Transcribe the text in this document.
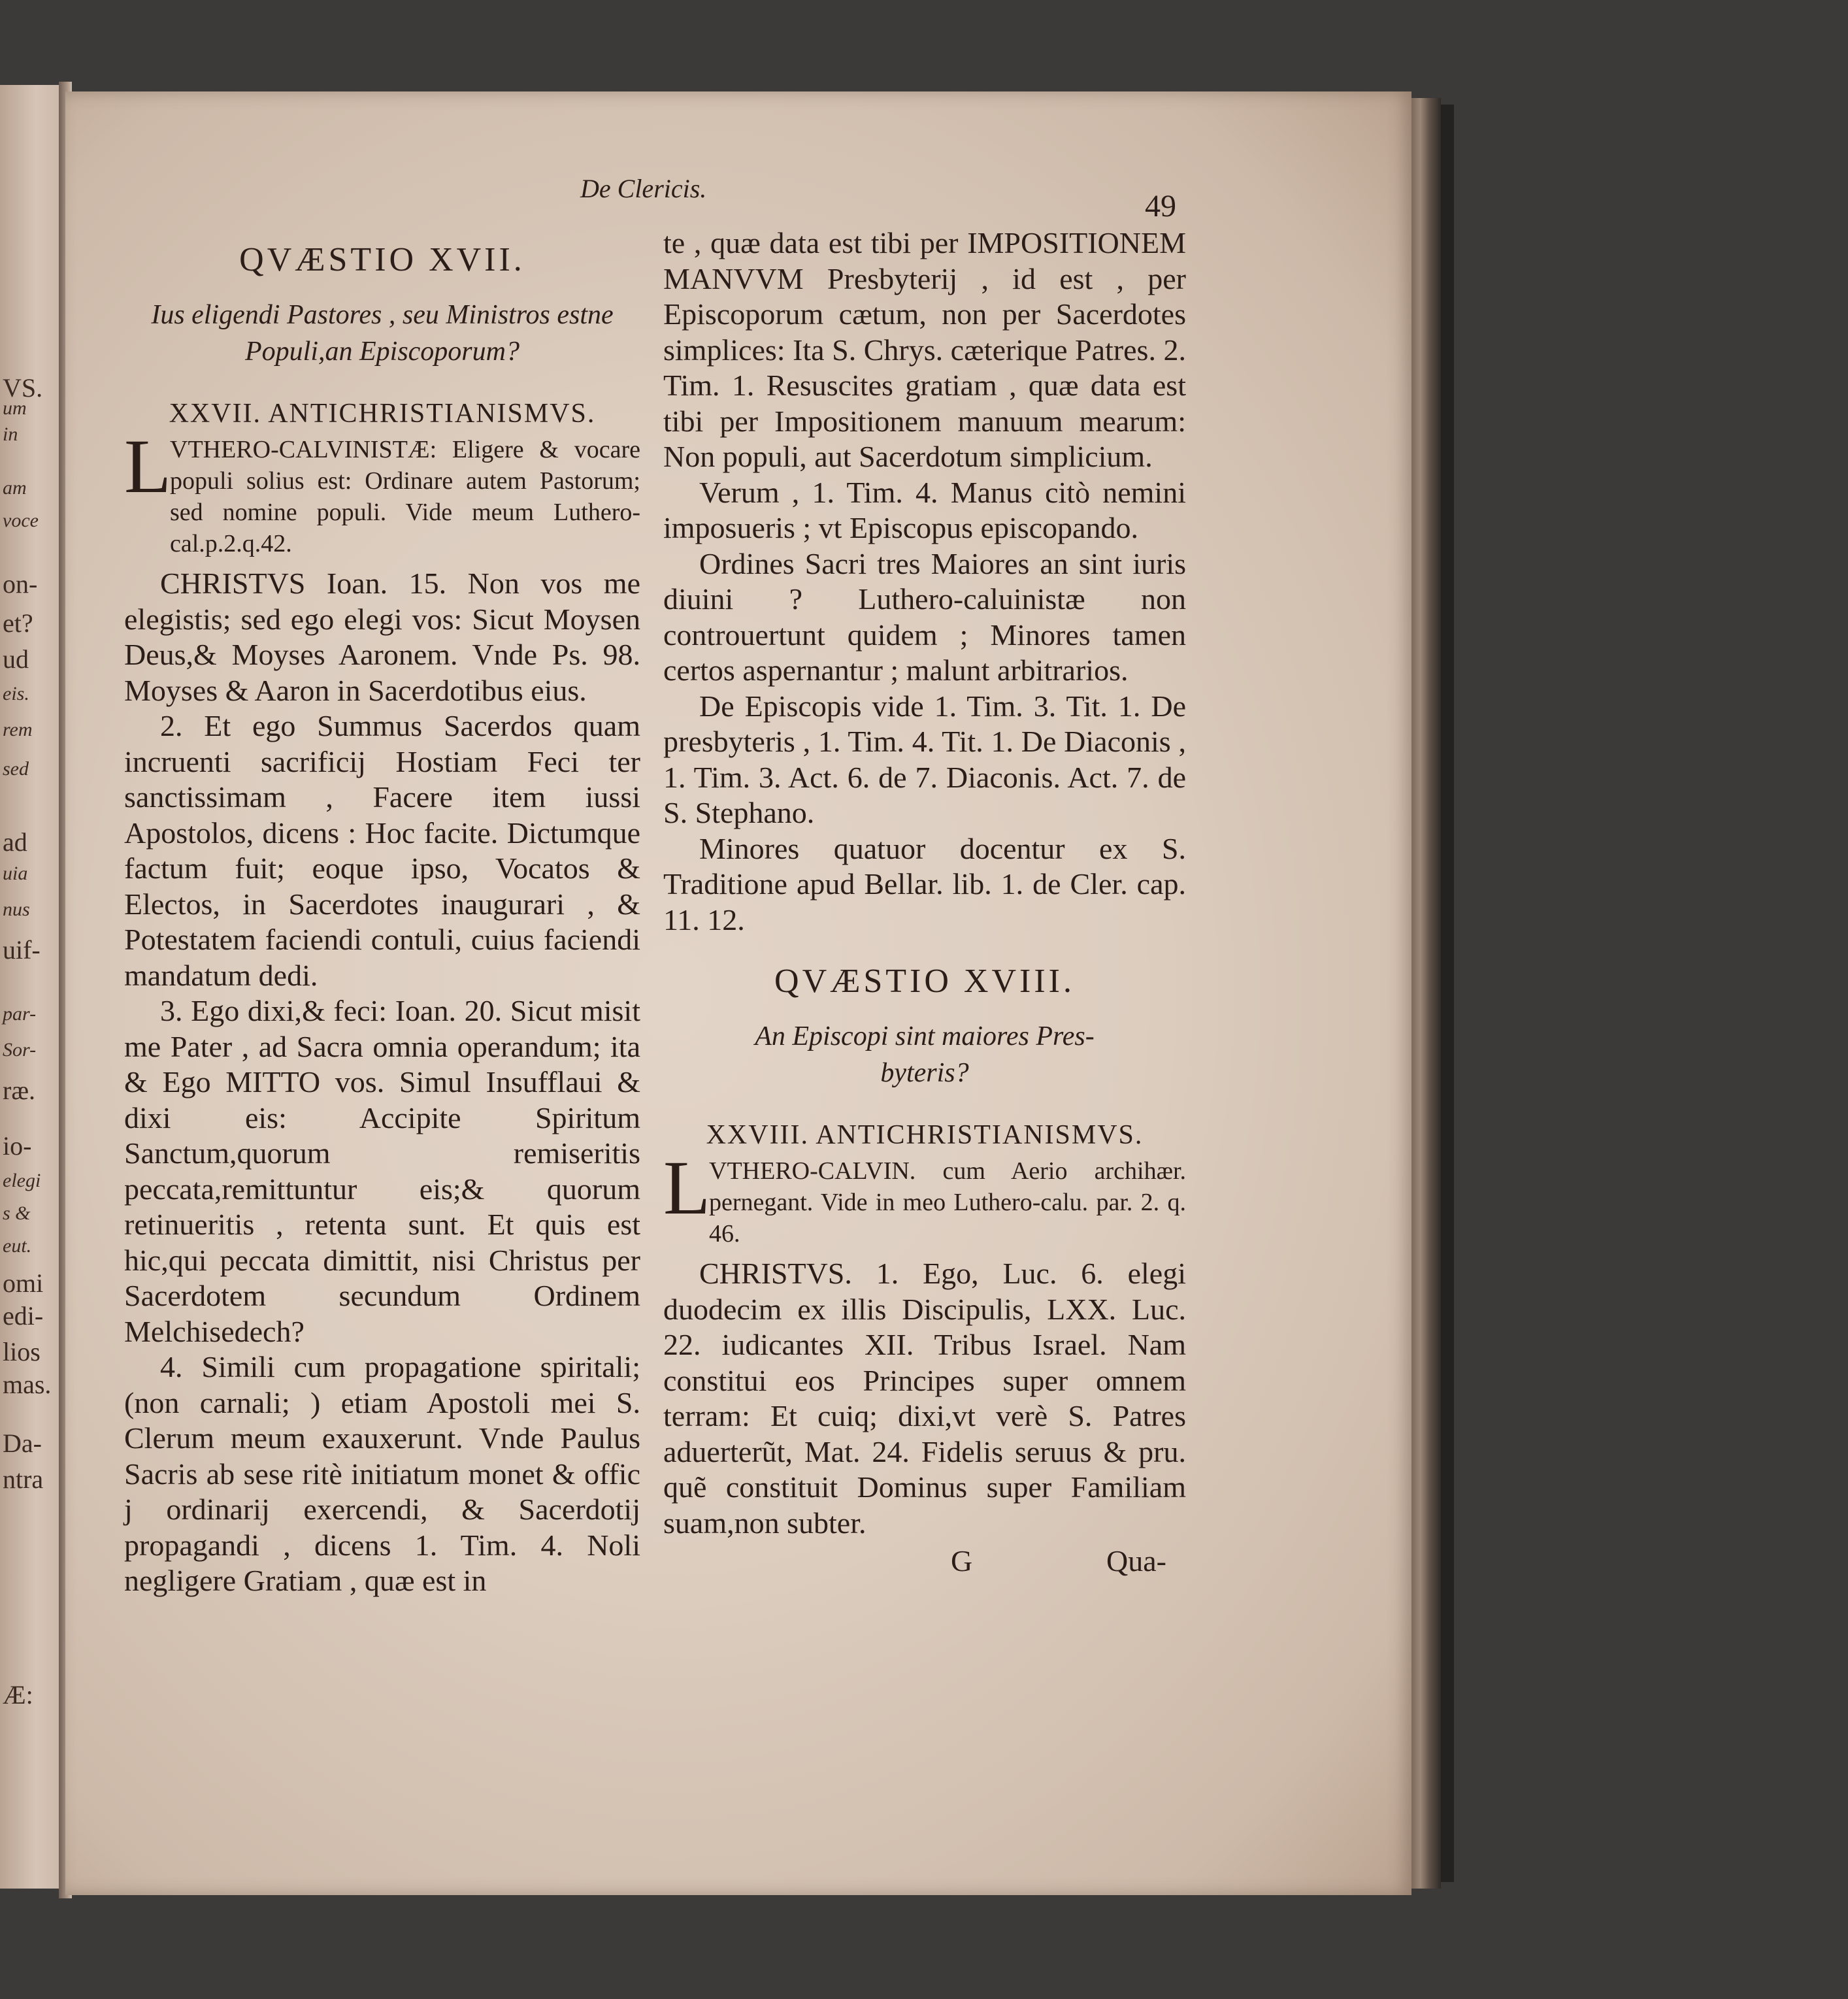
VS.
um
in
am
voce
on-
et?
ud
eis.
rem
sed
ad
uia
nus
uif-
par-
Sor-
ræ.
io-
elegi
s &
eut.
omi
edi-
lios
mas.
Da-
ntra
Æ:
De Clericis.
49
QVÆSTIO XVII.
Ius eligendi Pastores , seu Ministros estne
Populi,an Episcoporum?
XXVII. ANTICHRISTIANISMVS.
L
VTHERO-CALVINISTÆ: Eligere & vocare populi solius est: Ordinare autem Pastorum; sed nomine populi. Vide meum Luthero-cal.p.2.q.42.

CHRISTVS Ioan. 15. Non vos me elegistis; sed ego elegi vos: Sicut Moysen Deus,& Moyses Aaronem. Vnde Ps. 98. Moyses & Aaron in Sacerdotibus eius.

2. Et ego Summus Sacerdos quam incruenti sacrificij Hostiam Feci ter sanctissimam , Facere item iussi Apostolos, dicens : Hoc facite. Dictumque factum fuit; eoque ipso, Vocatos & Electos, in Sacerdotes inaugurari , & Potestatem faciendi contuli, cuius faciendi mandatum dedi.

3. Ego dixi,& feci: Ioan. 20. Sicut misit me Pater , ad Sacra omnia operandum; ita & Ego MITTO vos. Simul Insufflaui & dixi eis: Accipite Spiritum Sanctum,quorum remiseritis peccata,remittuntur eis;& quorum retinueritis , retenta sunt. Et quis est hic,qui peccata dimittit, nisi Christus per Sacerdotem secundum Ordinem Melchisedech?

4. Simili cum propagatione spiritali; (non carnali; ) etiam Apostoli mei S. Clerum meum exauxerunt. Vnde Paulus Sacris ab sese ritè initiatum monet & offic j ordinarij exercendi, & Sacerdotij propagandi , dicens 1. Tim. 4. Noli negligere Gratiam , quæ est in

te , quæ data est tibi per IMPOSITIONEM MANVVM Presbyterij , id est , per Episcoporum cætum, non per Sacerdotes simplices: Ita S. Chrys. cæterique Patres. 2. Tim. 1. Resuscites gratiam , quæ data est tibi per Impositionem manuum mearum: Non populi, aut Sacerdotum simplicium.

Verum , 1. Tim. 4. Manus citò nemini imposueris ; vt Episcopus episcopando.

Ordines Sacri tres Maiores an sint iuris diuini ? Luthero-caluinistæ non controuertunt quidem ; Minores tamen certos aspernantur ; malunt arbitrarios.

De Episcopis vide 1. Tim. 3. Tit. 1. De presbyteris , 1. Tim. 4. Tit. 1. De Diaconis , 1. Tim. 3. Act. 6. de 7. Diaconis. Act. 7. de S. Stephano.

Minores quatuor docentur ex S. Traditione apud Bellar. lib. 1. de Cler. cap. 11. 12.

QVÆSTIO XVIII.
An Episcopi sint maiores Pres-
byteris?
XXVIII. ANTICHRISTIANISMVS.
L
VTHERO-CALVIN. cum Aerio archihær. pernegant. Vide in meo Luthero-calu. par. 2. q. 46.

CHRISTVS. 1. Ego, Luc. 6. elegi duodecim ex illis Discipulis, LXX. Luc. 22. iudicantes XII. Tribus Israel. Nam constitui eos Principes super omnem terram: Et cuiq; dixi,vt verè S. Patres aduerterũt, Mat. 24. Fidelis seruus & pru. quẽ constituit Dominus super Familiam suam,non subter.

G	Qua-
